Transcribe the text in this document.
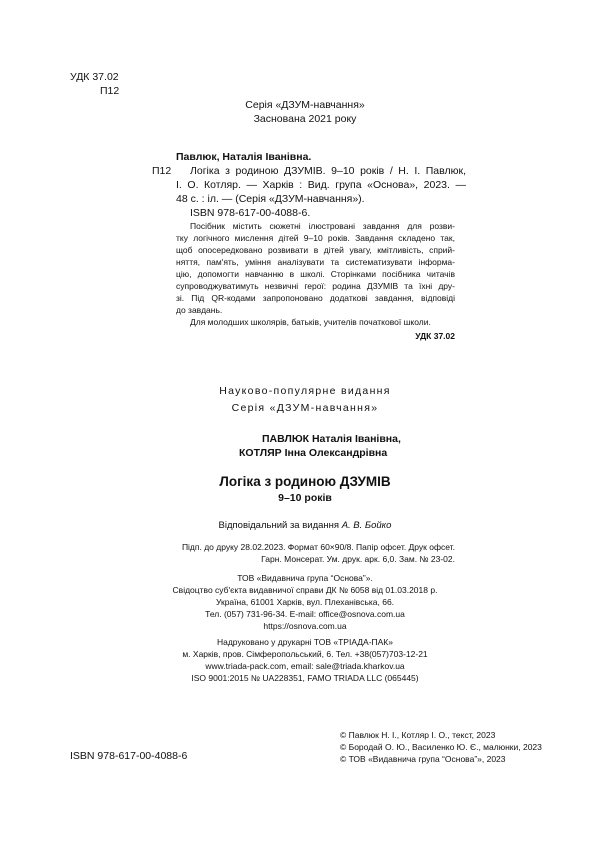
УДК 37.02
П12
Серія «ДЗУМ-навчання»
Заснована 2021 року
П12
Павлюк, Наталія Іванівна.
Логіка з родиною ДЗУМІВ. 9–10 років / Н. І. Павлюк,
І. О. Котляр. — Харків : Вид. група «Основа», 2023. —
48 с. : іл. — (Серія «ДЗУМ-навчання»).
ISBN 978-617-00-4088-6.
Посібник містить сюжетні ілюстровані завдання для розви-
тку логічного мислення дітей 9–10 років. Завдання складено так,
щоб опосередковано розвивати в дітей увагу, кмітливість, сприй-
няття, пам'ять, уміння аналізувати та систематизувати інформа-
цію, допомогти навчанню в школі. Сторінками посібника читачів
супроводжуватимуть незвичні герої: родина ДЗУМІВ та їхні дру-
зі. Під QR-кодами запропоновано додаткові завдання, відповіді
до завдань.
Для молодших школярів, батьків, учителів початкової школи.
УДК 37.02
Науково-популярне видання
Серія «ДЗУМ-навчання»
ПАВЛЮК Наталія Іванівна,
КОТЛЯР Інна Олександрівна
Логіка з родиною ДЗУМІВ
9–10 років
Відповідальний за видання А. В. Бойко
Підп. до друку 28.02.2023. Формат 60×90/8. Папір офсет. Друк офсет.
Гарн. Монсерат. Ум. друк. арк. 6,0. Зам. № 23-02.
ТОВ «Видавнича група “Основа”».
Свідоцтво суб'єкта видавничої справи ДК № 6058 від 01.03.2018 р.
Україна, 61001 Харків, вул. Плеханівська, 66.
Тел. (057) 731-96-34. E-mail: office@osnova.com.ua
https://osnova.com.ua
Надруковано у друкарні ТОВ «ТРІАДА-ПАК»
м. Харків, пров. Сімферопольський, 6. Тел. +38(057)703-12-21
www.triada-pack.com, email: sale@triada.kharkov.ua
ISO 9001:2015 № UA228351, FAMO TRIADA LLC (065445)
ISBN 978-617-00-4088-6
© Павлюк Н. І., Котляр І. О., текст, 2023
© Бородай О. Ю., Василенко Ю. Є., малюнки, 2023
© ТОВ «Видавнича група “Основа”», 2023
